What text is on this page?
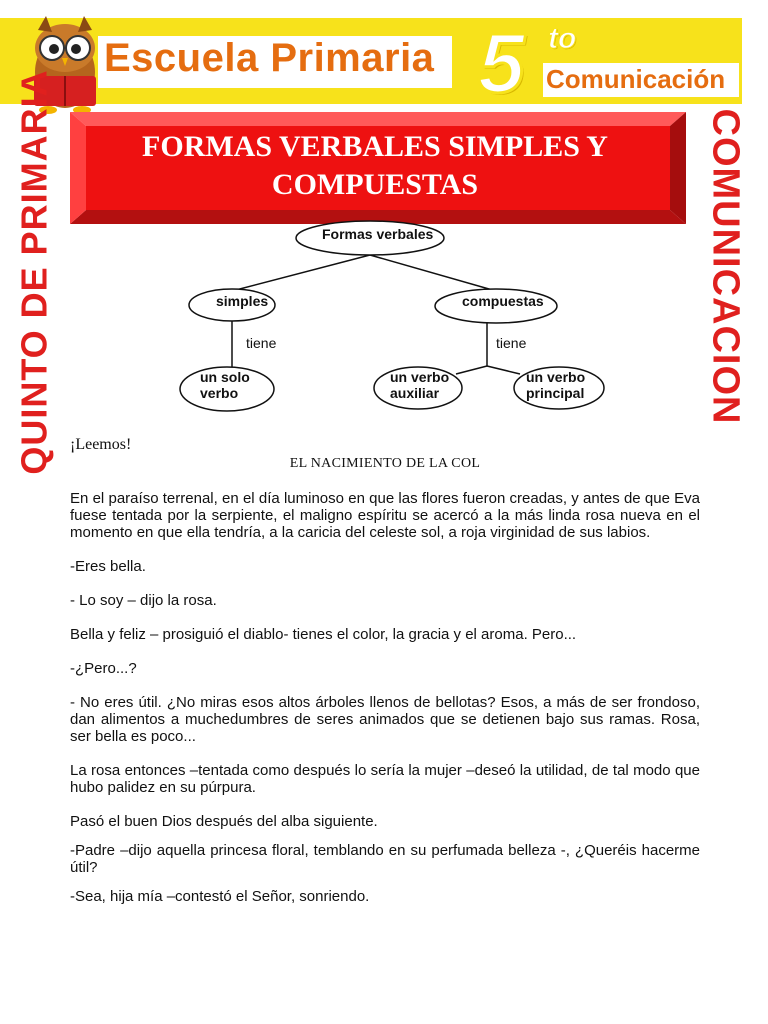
Escuela Primaria 5 to
Comunicación
QUINTO DE PRIMARIA	COMUNICACION
FORMAS VERBALES SIMPLES Y
COMPUESTAS
Formas verbales
simples	compuestas
tiene	tiene
un solo
verbo
un verbo
auxiliar
un verbo
principal

¡Leemos!

EL NACIMIENTO DE LA COL

En el paraíso terrenal, en el día luminoso en que las flores fueron creadas, y antes de que Eva fuese tentada por la serpiente, el maligno espíritu se acercó a la más linda rosa nueva en el momento en que ella tendría, a la caricia del celeste sol, a roja virginidad de sus labios.

-Eres bella.

- Lo soy – dijo la rosa.

Bella y feliz – prosiguió el diablo- tienes el color, la gracia y el aroma. Pero...

-¿Pero...?

- No eres útil. ¿No miras esos altos árboles llenos de bellotas? Esos, a más de ser frondoso, dan alimentos a muchedumbres de seres animados que se detienen bajo sus ramas. Rosa, ser bella es poco...

La rosa entonces –tentada como después lo sería la mujer –deseó la utilidad, de tal modo que hubo palidez en su púrpura.

Pasó el buen Dios después del alba siguiente.

-Padre –dijo aquella princesa floral, temblando en su perfumada belleza -, ¿Queréis hacerme útil?

-Sea, hija mía –contestó el Señor, sonriendo.
